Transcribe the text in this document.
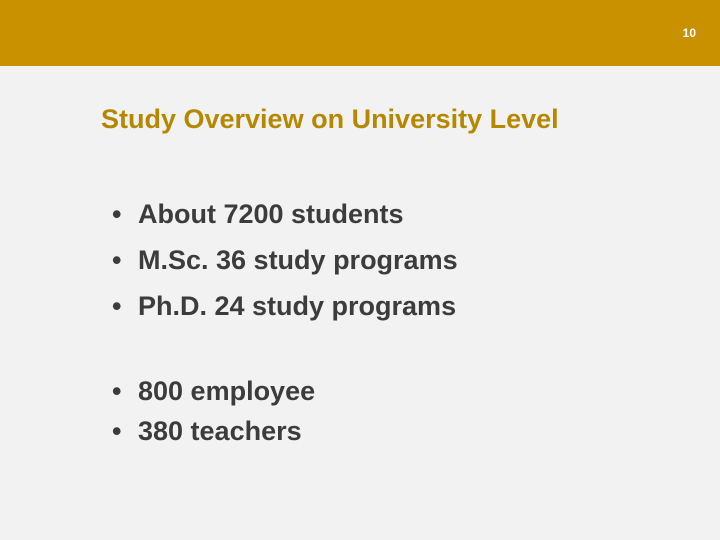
10
Study Overview on University Level
• About 7200 students
• M.Sc. 36 study programs
• Ph.D. 24 study programs
• 800 employee
• 380 teachers
